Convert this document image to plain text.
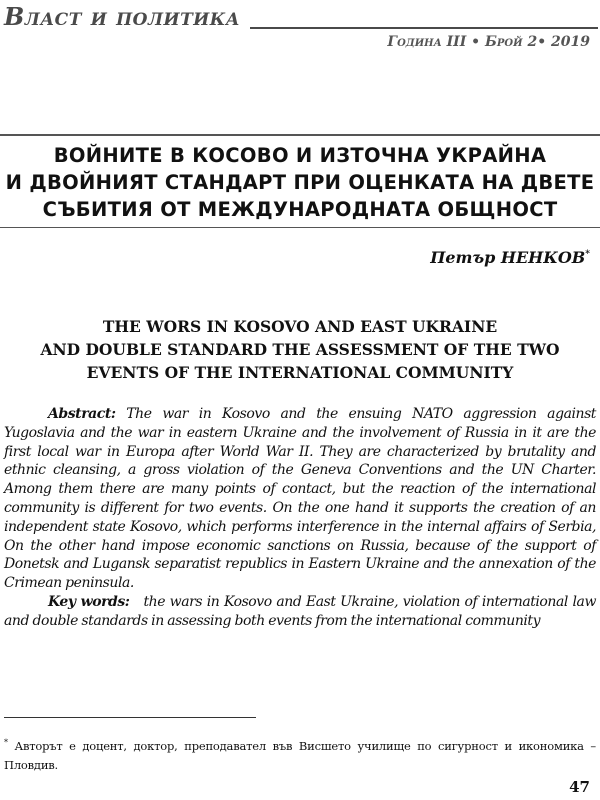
Власт и политика
Година III • Брой 2• 2019
ВОЙНИТЕ В КОСОВО И ИЗТОЧНА УКРАЙНА
И ДВОЙНИЯТ СТАНДАРТ ПРИ ОЦЕНКАТА НА ДВЕТЕ
СЪБИТИЯ ОТ МЕЖДУНАРОДНАТА ОБЩНОСТ
Петър НЕНКОВ*
THE WORS IN KOSOVO AND EAST UKRAINE
AND DOUBLE STANDARD THE ASSESSMENT OF THE TWO
EVENTS OF THE INTERNATIONAL COMMUNITY

Abstract: The war in Kosovo and the ensuing NATO aggression against Yugoslavia and the war in eastern Ukraine and the involvement of Russia in it are the first local war in Europa after World War II. They are characterized by brutality and ethnic cleansing, a gross violation of the Geneva Conventions and the UN Charter. Among them there are many points of contact, but the reaction of the international community is different for two events. On the one hand it supports the creation of an independent state Kosovo, which performs interference in the internal affairs of Serbia, On the other hand impose economic sanctions on Russia, because of the support of Donetsk and Lugansk separatist republics in Eastern Ukraine and the annexation of the Crimean peninsula.

Key words: the wars in Kosovo and East Ukraine, violation of international law and double standards in assessing both events from the international community

* Авторът е доцент, доктор, преподавател във Висшето училище по сигурност и икономика – Пловдив.
47
